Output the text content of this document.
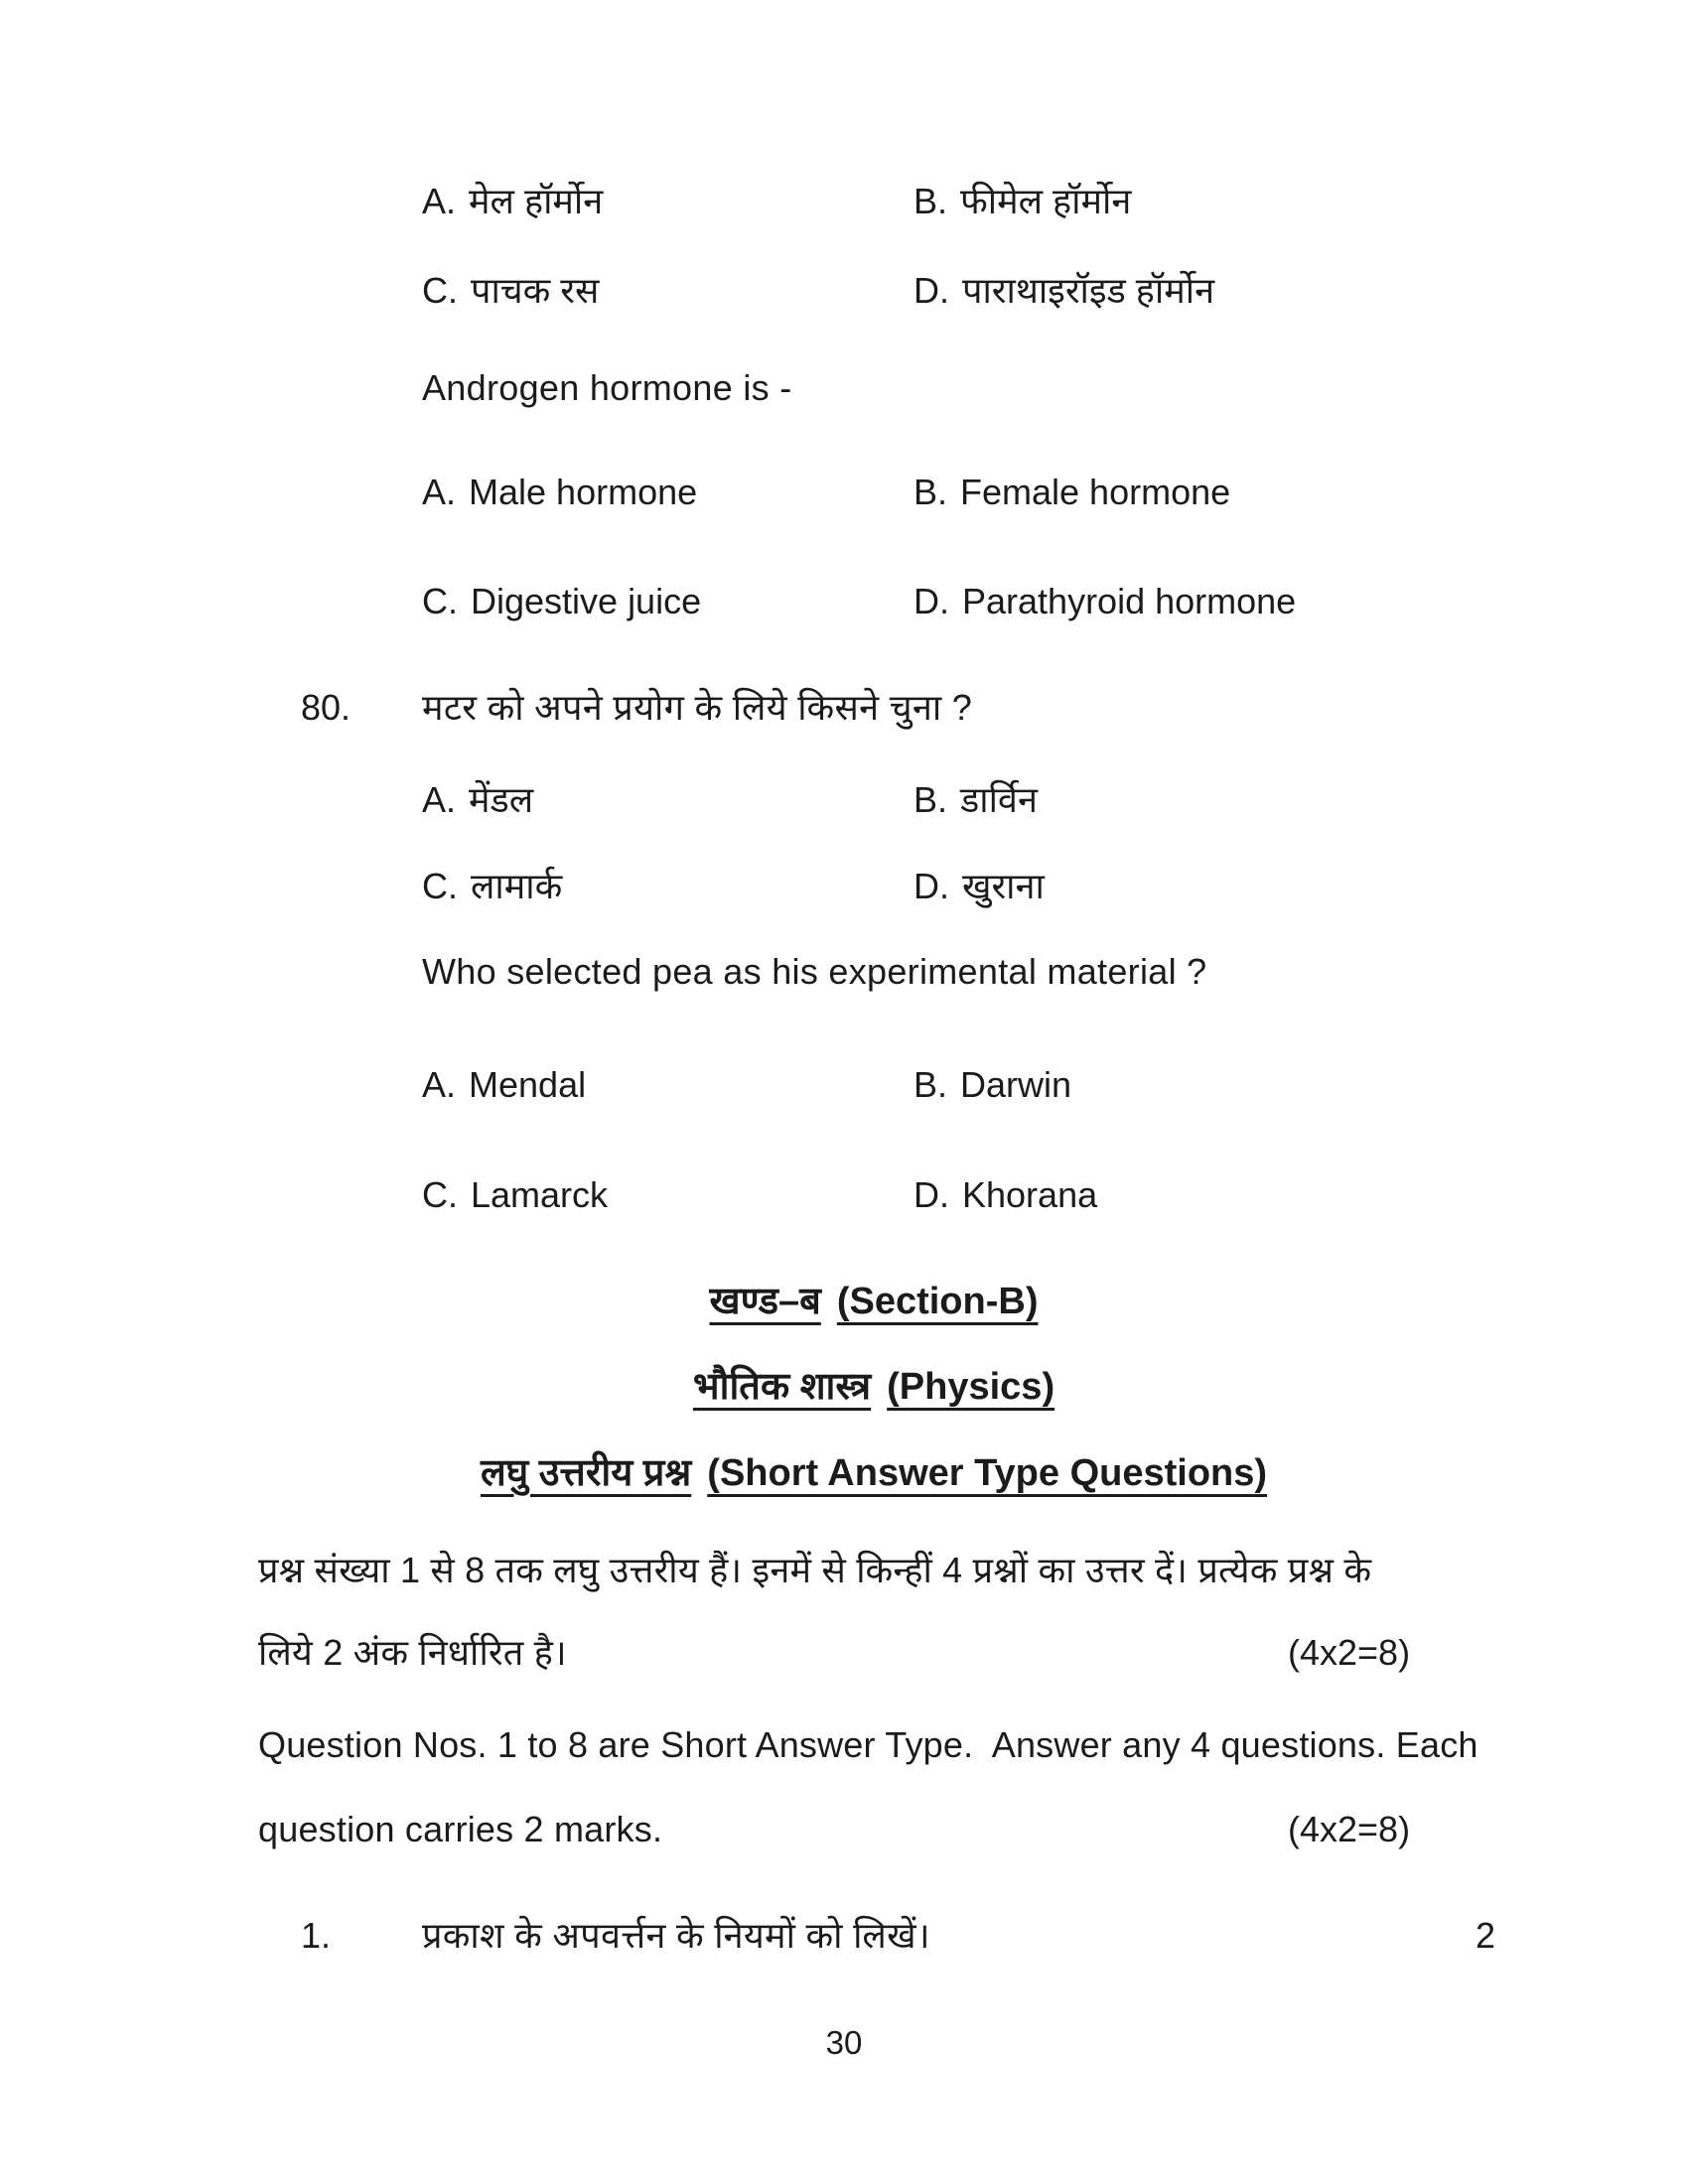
A. मेल हॉर्मोन	B. फीमेल हॉर्मोन
C. पाचक रस	D. पाराथाइरॉइड हॉर्मोन
Androgen hormone is -
A. Male hormone	B. Female hormone
C. Digestive juice	D. Parathyroid hormone
80. मटर को अपने प्रयोग के लिये किसने चुना ?
A. मेंडल	B. डार्विन
C. लामार्क	D. खुराना
Who selected pea as his experimental material ?
A. Mendal	B. Darwin
C. Lamarck	D. Khorana
खण्ड–ब (Section-B)
भौतिक शास्त्र (Physics)
लघु उत्तरीय प्रश्न (Short Answer Type Questions)
प्रश्न संख्या 1 से 8 तक लघु उत्तरीय हैं। इनमें से किन्हीं 4 प्रश्नों का उत्तर दें। प्रत्येक प्रश्न के
लिये 2 अंक निर्धारित है।	(4x2=8)
Question Nos. 1 to 8 are Short Answer Type.  Answer any 4 questions. Each
question carries 2 marks.	(4x2=8)
1.	प्रकाश के अपवर्त्तन के नियमों को लिखें।	2
30
